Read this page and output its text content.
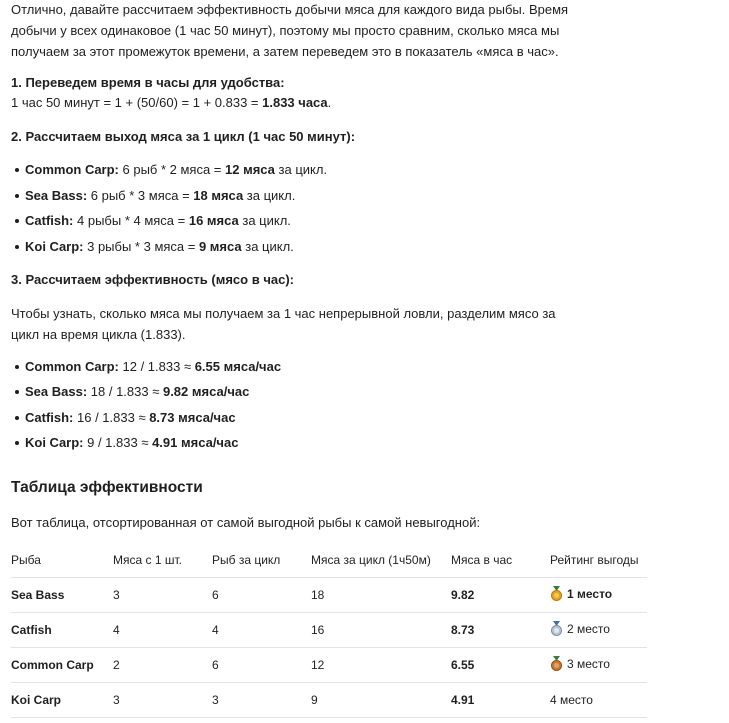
Отлично, давайте рассчитаем эффективность добычи мяса для каждого вида рыбы. Время добычи у всех одинаковое (1 час 50 минут), поэтому мы просто сравним, сколько мяса мы получаем за этот промежуток времени, а затем переведем это в показатель «мяса в час».

1. Переведем время в часы для удобства:

1 час 50 минут = 1 + (50/60) = 1 + 0.833 = 1.833 часа.

2. Рассчитаем выход мяса за 1 цикл (1 час 50 минут):

Common Carp: 6 рыб * 2 мяса = 12 мяса за цикл.
Sea Bass: 6 рыб * 3 мяса = 18 мяса за цикл.
Catfish: 4 рыбы * 4 мяса = 16 мяса за цикл.
Koi Carp: 3 рыбы * 3 мяса = 9 мяса за цикл.

3. Рассчитаем эффективность (мясо в час):

Чтобы узнать, сколько мяса мы получаем за 1 час непрерывной ловли, разделим мясо за цикл на время цикла (1.833).

Common Carp: 12 / 1.833 ≈ 6.55 мяса/час
Sea Bass: 18 / 1.833 ≈ 9.82 мяса/час
Catfish: 16 / 1.833 ≈ 8.73 мяса/час
Koi Carp: 9 / 1.833 ≈ 4.91 мяса/час
Таблица эффективности

Вот таблица, отсортированная от самой выгодной рыбы к самой невыгодной:

Рыба	Мяса с 1 шт.	Рыб за цикл	Мяса за цикл (1ч50м)	Мяса в час	Рейтинг выгоды
Sea Bass	3	6	18	9.82	1 место
Catfish	4	4	16	8.73	2 место
Common Carp	2	6	12	6.55	3 место
Koi Carp	3	3	9	4.91	4 место
